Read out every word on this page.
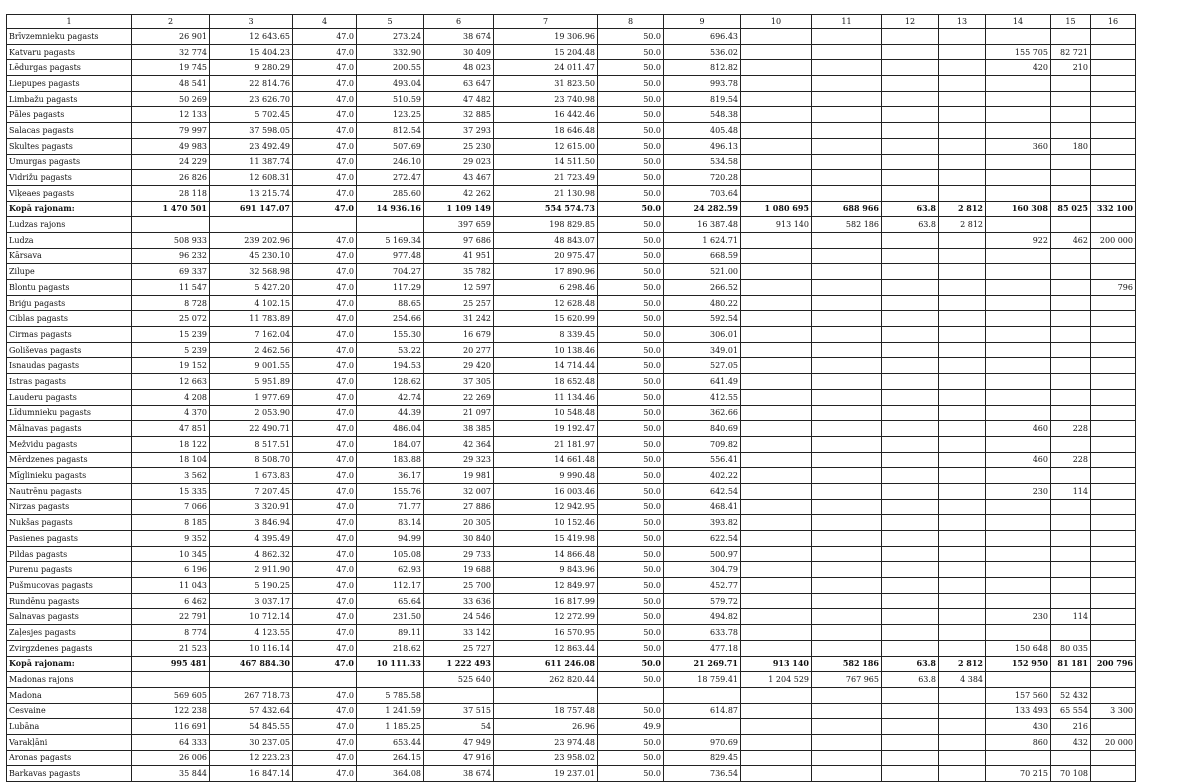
1	2	3	4	5	6	7	8	9	10	11	12	13	14	15	16
Brīvzemnieku pagasts	26 901	12 643.65	47.0	273.24	38 674	19 306.96	50.0	696.43							
Katvaru pagasts	32 774	15 404.23	47.0	332.90	30 409	15 204.48	50.0	536.02					155 705	82 721	
Lēdurgas pagasts	19 745	9 280.29	47.0	200.55	48 023	24 011.47	50.0	812.82					420	210	
Liepupes pagasts	48 541	22 814.76	47.0	493.04	63 647	31 823.50	50.0	993.78							
Limbažu pagasts	50 269	23 626.70	47.0	510.59	47 482	23 740.98	50.0	819.54							
Pāles pagasts	12 133	5 702.45	47.0	123.25	32 885	16 442.46	50.0	548.38							
Salacas pagasts	79 997	37 598.05	47.0	812.54	37 293	18 646.48	50.0	405.48							
Skultes pagasts	49 983	23 492.49	47.0	507.69	25 230	12 615.00	50.0	496.13					360	180	
Umurgas pagasts	24 229	11 387.74	47.0	246.10	29 023	14 511.50	50.0	534.58							
Vidrižu pagasts	26 826	12 608.31	47.0	272.47	43 467	21 723.49	50.0	720.28							
Viķeaes pagasts	28 118	13 215.74	47.0	285.60	42 262	21 130.98	50.0	703.64							
Kopā rajonam:	1 470 501	691 147.07	47.0	14 936.16	1 109 149	554 574.73	50.0	24 282.59	1 080 695	688 966	63.8	2 812	160 308	85 025	332 100
Ludzas rajons					397 659	198 829.85	50.0	16 387.48	913 140	582 186	63.8	2 812			
Ludza	508 933	239 202.96	47.0	5 169.34	97 686	48 843.07	50.0	1 624.71					922	462	200 000
Kārsava	96 232	45 230.10	47.0	977.48	41 951	20 975.47	50.0	668.59							
Zilupe	69 337	32 568.98	47.0	704.27	35 782	17 890.96	50.0	521.00							
Blontu pagasts	11 547	5 427.20	47.0	117.29	12 597	6 298.46	50.0	266.52							796
Briģu pagasts	8 728	4 102.15	47.0	88.65	25 257	12 628.48	50.0	480.22							
Ciblas pagasts	25 072	11 783.89	47.0	254.66	31 242	15 620.99	50.0	592.54							
Cirmas pagasts	15 239	7 162.04	47.0	155.30	16 679	8 339.45	50.0	306.01							
Goliševas pagasts	5 239	2 462.56	47.0	53.22	20 277	10 138.46	50.0	349.01							
Isnaudas pagasts	19 152	9 001.55	47.0	194.53	29 420	14 714.44	50.0	527.05							
Istras pagasts	12 663	5 951.89	47.0	128.62	37 305	18 652.48	50.0	641.49							
Lauderu pagasts	4 208	1 977.69	47.0	42.74	22 269	11 134.46	50.0	412.55							
Līdumnieku pagasts	4 370	2 053.90	47.0	44.39	21 097	10 548.48	50.0	362.66							
Mālnavas pagasts	47 851	22 490.71	47.0	486.04	38 385	19 192.47	50.0	840.69					460	228	
Mežvidu pagasts	18 122	8 517.51	47.0	184.07	42 364	21 181.97	50.0	709.82							
Mērdzenes pagasts	18 104	8 508.70	47.0	183.88	29 323	14 661.48	50.0	556.41					460	228	
Mīglinieku pagasts	3 562	1 673.83	47.0	36.17	19 981	9 990.48	50.0	402.22							
Nautrēnu pagasts	15 335	7 207.45	47.0	155.76	32 007	16 003.46	50.0	642.54					230	114	
Nirzas pagasts	7 066	3 320.91	47.0	71.77	27 886	12 942.95	50.0	468.41							
Nukšas pagasts	8 185	3 846.94	47.0	83.14	20 305	10 152.46	50.0	393.82							
Pasienes pagasts	9 352	4 395.49	47.0	94.99	30 840	15 419.98	50.0	622.54							
Pildas pagasts	10 345	4 862.32	47.0	105.08	29 733	14 866.48	50.0	500.97							
Purenu pagasts	6 196	2 911.90	47.0	62.93	19 688	9 843.96	50.0	304.79							
Pušmucovas pagasts	11 043	5 190.25	47.0	112.17	25 700	12 849.97	50.0	452.77							
Rundēnu pagasts	6 462	3 037.17	47.0	65.64	33 636	16 817.99	50.0	579.72							
Salnavas pagasts	22 791	10 712.14	47.0	231.50	24 546	12 272.99	50.0	494.82					230	114	
Zaļesjes pagasts	8 774	4 123.55	47.0	89.11	33 142	16 570.95	50.0	633.78							
Zvirgzdenes pagasts	21 523	10 116.14	47.0	218.62	25 727	12 863.44	50.0	477.18					150 648	80 035	
Kopā rajonam:	995 481	467 884.30	47.0	10 111.33	1 222 493	611 246.08	50.0	21 269.71	913 140	582 186	63.8	2 812	152 950	81 181	200 796
Madonas rajons					525 640	262 820.44	50.0	18 759.41	1 204 529	767 965	63.8	4 384			
Madona	569 605	267 718.73	47.0	5 785.58									157 560	52 432	
Cesvaine	122 238	57 432.64	47.0	1 241.59	37 515	18 757.48	50.0	614.87					133 493	65 554	3 300
Lubāna	116 691	54 845.55	47.0	1 185.25	54	26.96	49.9						430	216	
Varakļāni	64 333	30 237.05	47.0	653.44	47 949	23 974.48	50.0	970.69					860	432	20 000
Aronas pagasts	26 006	12 223.23	47.0	264.15	47 916	23 958.02	50.0	829.45							
Barkavas pagasts	35 844	16 847.14	47.0	364.08	38 674	19 237.01	50.0	736.54					70 215	70 108	
